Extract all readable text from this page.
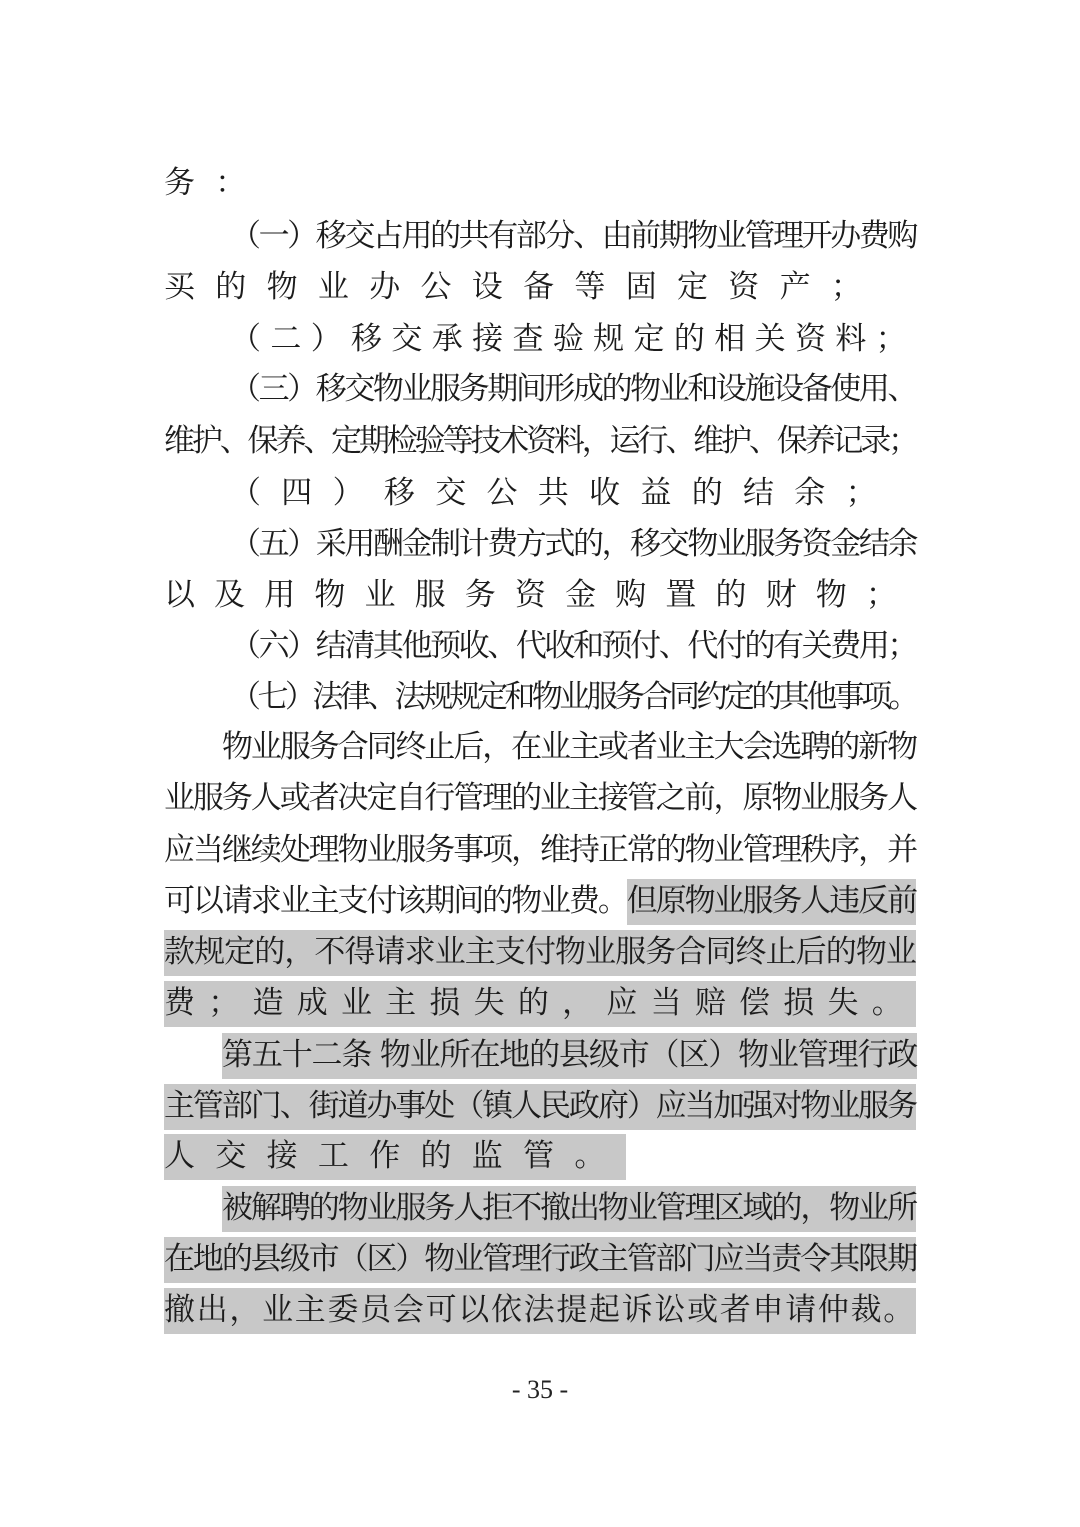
务：
（一）移交占用的共有部分、由前期物业管理开办费购
买的物业办公设备等固定资产；
（二）移交承接查验规定的相关资料；
（三）移交物业服务期间形成的物业和设施设备使用、
维护、保养、定期检验等技术资料，运行、维护、保养记录；
（四）移交公共收益的结余；
（五）采用酬金制计费方式的，移交物业服务资金结余
以及用物业服务资金购置的财物；
（六）结清其他预收、代收和预付、代付的有关费用；
（七）法律、法规规定和物业服务合同约定的其他事项。
物业服务合同终止后，在业主或者业主大会选聘的新物
业服务人或者决定自行管理的业主接管之前，原物业服务人
应当继续处理物业服务事项，维持正常的物业管理秩序，并
可以请求业主支付该期间的物业费。但原物业服务人违反前
款规定的，不得请求业主支付物业服务合同终止后的物业
费；造成业主损失的，应当赔偿损失。
第五十二条 物业所在地的县级市（区）物业管理行政
主管部门、街道办事处（镇人民政府）应当加强对物业服务
人交接工作的监管。
被解聘的物业服务人拒不撤出物业管理区域的，物业所
在地的县级市（区）物业管理行政主管部门应当责令其限期
撤出，业主委员会可以依法提起诉讼或者申请仲裁。
- 35 -
